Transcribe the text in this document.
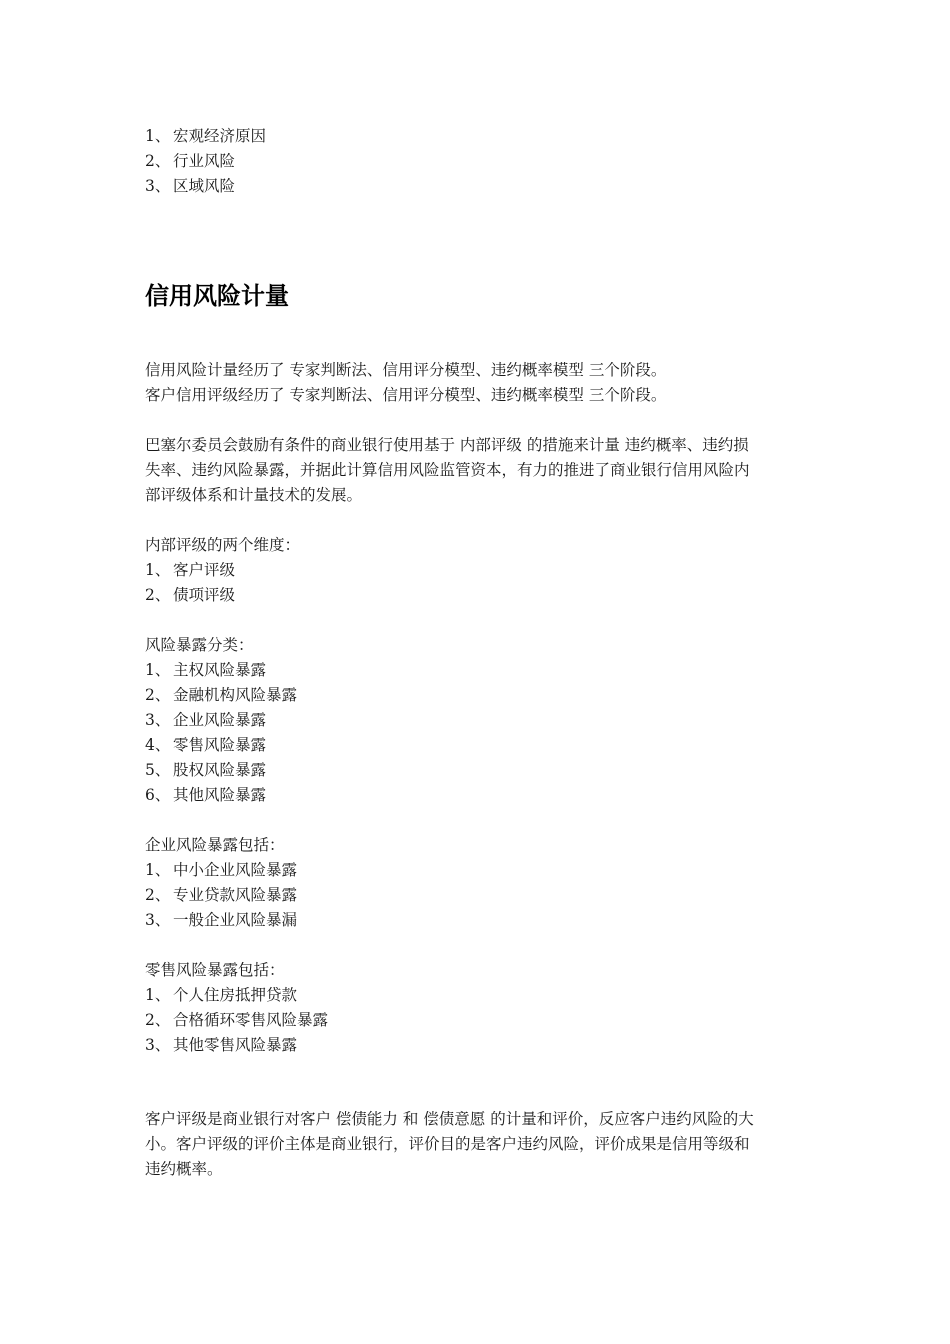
1、 宏观经济原因
2、 行业风险
3、 区域风险
信用风险计量
信用风险计量经历了 专家判断法、信用评分模型、违约概率模型 三个阶段。
客户信用评级经历了 专家判断法、信用评分模型、违约概率模型 三个阶段。
巴塞尔委员会鼓励有条件的商业银行使用基于 内部评级 的措施来计量 违约概率、违约损
失率、违约风险暴露，并据此计算信用风险监管资本，有力的推进了商业银行信用风险内
部评级体系和计量技术的发展。
内部评级的两个维度：
1、 客户评级
2、 债项评级
风险暴露分类：
1、 主权风险暴露
2、 金融机构风险暴露
3、 企业风险暴露
4、 零售风险暴露
5、 股权风险暴露
6、 其他风险暴露
企业风险暴露包括：
1、 中小企业风险暴露
2、 专业贷款风险暴露
3、 一般企业风险暴漏
零售风险暴露包括：
1、 个人住房抵押贷款
2、 合格循环零售风险暴露
3、 其他零售风险暴露
客户评级是商业银行对客户 偿债能力 和 偿债意愿 的计量和评价，反应客户违约风险的大
小。客户评级的评价主体是商业银行，评价目的是客户违约风险，评价成果是信用等级和
违约概率。
